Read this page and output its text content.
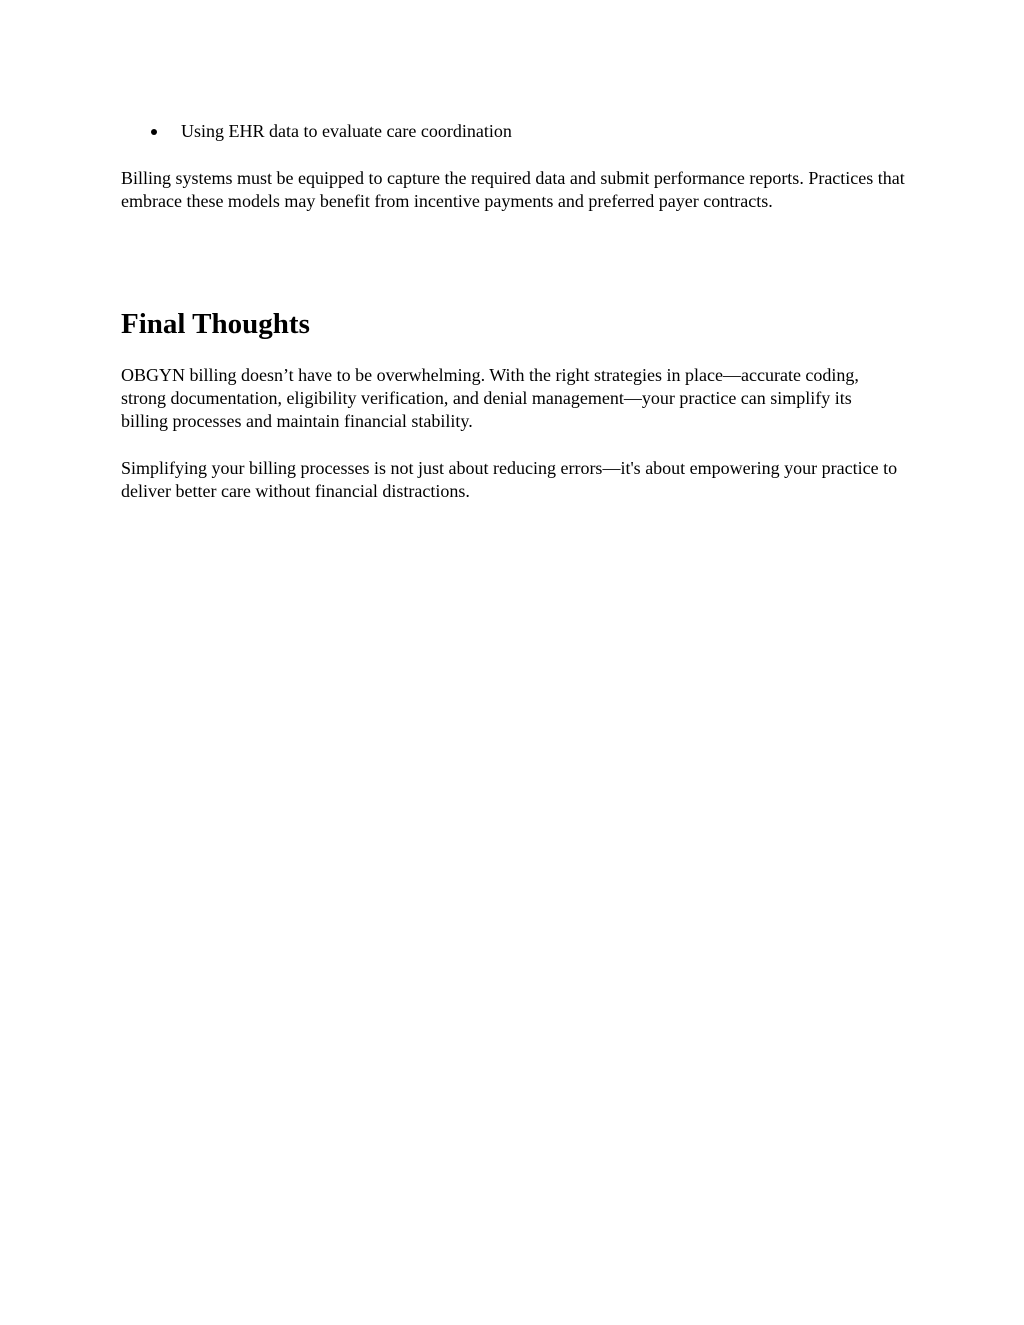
Using EHR data to evaluate care coordination

Billing systems must be equipped to capture the required data and submit performance reports. Practices that embrace these models may benefit from incentive payments and preferred payer contracts.

Final Thoughts

OBGYN billing doesn’t have to be overwhelming. With the right strategies in place—accurate coding, strong documentation, eligibility verification, and denial management—your practice can simplify its billing processes and maintain financial stability.

Simplifying your billing processes is not just about reducing errors—it's about empowering your practice to deliver better care without financial distractions.
